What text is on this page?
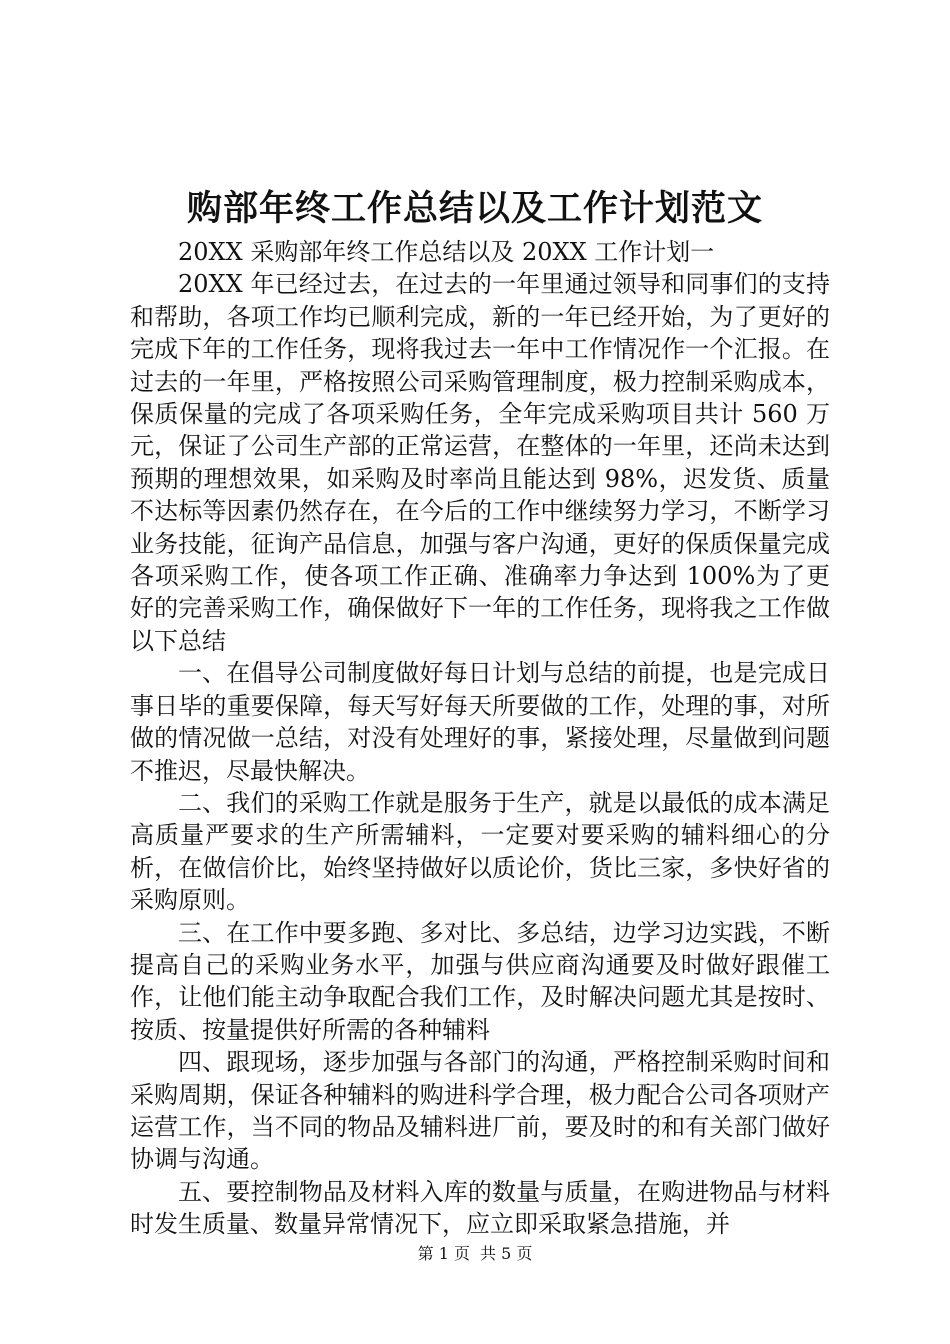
购部年终工作总结以及工作计划范文

20XX 采购部年终工作总结以及 20XX 工作计划一

20XX 年已经过去，在过去的一年里通过领导和同事们的支持和帮助，各项工作均已顺利完成，新的一年已经开始，为了更好的完成下年的工作任务，现将我过去一年中工作情况作一个汇报。在过去的一年里，严格按照公司采购管理制度，极力控制采购成本，保质保量的完成了各项采购任务，全年完成采购项目共计 560 万元，保证了公司生产部的正常运营，在整体的一年里，还尚未达到预期的理想效果，如采购及时率尚且能达到 98%，迟发货、质量不达标等因素仍然存在，在今后的工作中继续努力学习，不断学习业务技能，征询产品信息，加强与客户沟通，更好的保质保量完成各项采购工作，使各项工作正确、准确率力争达到 100%为了更好的完善采购工作，确保做好下一年的工作任务，现将我之工作做以下总结

一、在倡导公司制度做好每日计划与总结的前提，也是完成日事日毕的重要保障，每天写好每天所要做的工作，处理的事，对所做的情况做一总结，对没有处理好的事，紧接处理，尽量做到问题不推迟，尽最快解决。

二、我们的采购工作就是服务于生产，就是以最低的成本满足高质量严要求的生产所需辅料，一定要对要采购的辅料细心的分析，在做信价比，始终坚持做好以质论价，货比三家，多快好省的采购原则。

三、在工作中要多跑、多对比、多总结，边学习边实践，不断提高自己的采购业务水平，加强与供应商沟通要及时做好跟催工作，让他们能主动争取配合我们工作，及时解决问题尤其是按时、按质、按量提供好所需的各种辅料

四、跟现场，逐步加强与各部门的沟通，严格控制采购时间和采购周期，保证各种辅料的购进科学合理，极力配合公司各项财产运营工作，当不同的物品及辅料进厂前，要及时的和有关部门做好协调与沟通。

五、要控制物品及材料入库的数量与质量，在购进物品与材料时发生质量、数量异常情况下，应立即采取紧急措施，并

第 1 页 共 5 页
